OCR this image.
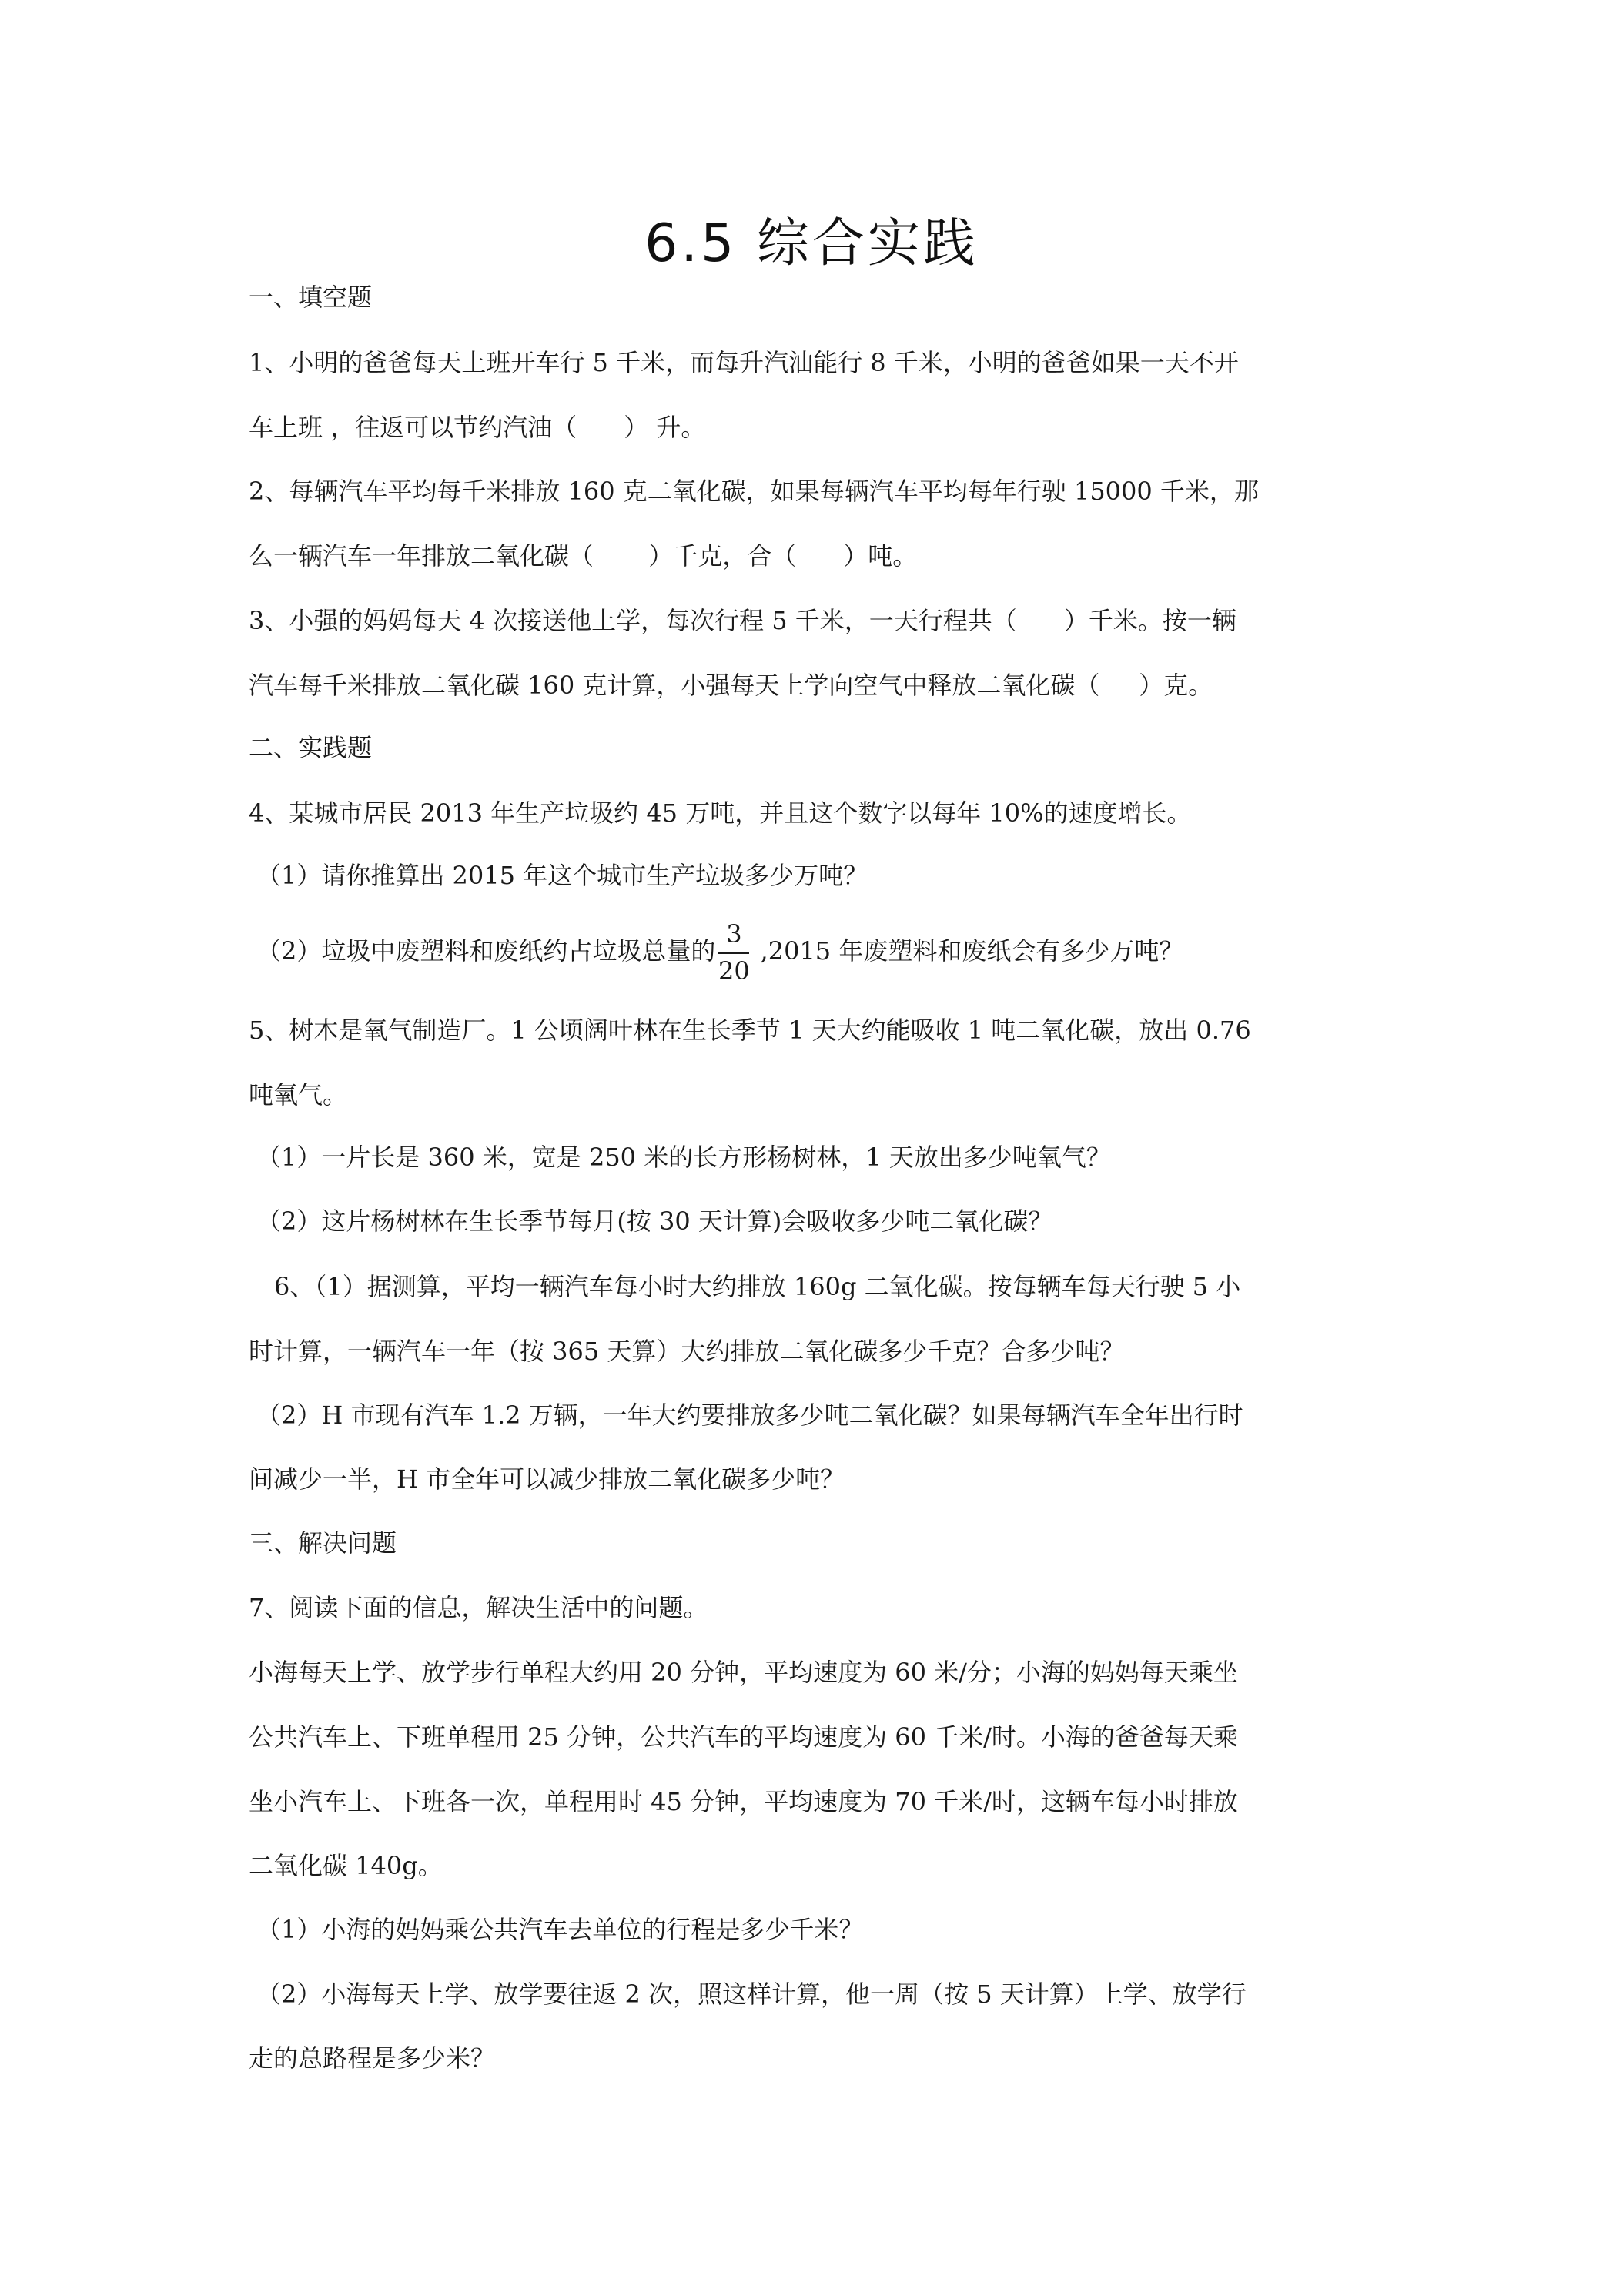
6.5 综合实践
一、填空题
1、小明的爸爸每天上班开车行 5 千米，而每升汽油能行 8 千米，小明的爸爸如果一天不开
车上班 ，往返可以节约汽油（ ） 升。
2、每辆汽车平均每千米排放 160 克二氧化碳，如果每辆汽车平均每年行驶 15000 千米，那
么一辆汽车一年排放二氧化碳（ ）千克，合（ ）吨。
3、小强的妈妈每天 4 次接送他上学，每次行程 5 千米，一天行程共（ ）千米。按一辆
汽车每千米排放二氧化碳 160 克计算，小强每天上学向空气中释放二氧化碳（ ）克。
二、实践题
4、某城市居民 2013 年生产垃圾约 45 万吨，并且这个数字以每年 10%的速度增长。
（1）请你推算出 2015 年这个城市生产垃圾多少万吨？
（2）垃圾中废塑料和废纸约占垃圾总量的 $\frac{3}{20} ,2015$ 年废塑料和废纸会有多少万吨？
5、树木是氧气制造厂。1 公顷阔叶林在生长季节 1 天大约能吸收 1 吨二氧化碳，放出 0.76
吨氧气。
（1）一片长是 360 米，宽是 250 米的长方形杨树林，1 天放出多少吨氧气？
（2）这片杨树林在生长季节每月(按 30 天计算)会吸收多少吨二氧化碳？
6、（1）据测算，平均一辆汽车每小时大约排放 160g 二氧化碳。按每辆车每天行驶 5 小
时计算，一辆汽车一年（按 365 天算）大约排放二氧化碳多少千克？合多少吨？
（2）H 市现有汽车 1.2 万辆，一年大约要排放多少吨二氧化碳？如果每辆汽车全年出行时
间减少一半，H 市全年可以减少排放二氧化碳多少吨？
三、解决问题
7、阅读下面的信息，解决生活中的问题。
小海每天上学、放学步行单程大约用 20 分钟，平均速度为 60 米/分；小海的妈妈每天乘坐
公共汽车上、下班单程用 25 分钟，公共汽车的平均速度为 60 千米/时。小海的爸爸每天乘
坐小汽车上、下班各一次，单程用时 45 分钟，平均速度为 70 千米/时，这辆车每小时排放
二氧化碳 140g。
（1）小海的妈妈乘公共汽车去单位的行程是多少千米？
（2）小海每天上学、放学要往返 2 次，照这样计算，他一周（按 5 天计算）上学、放学行
走的总路程是多少米？
